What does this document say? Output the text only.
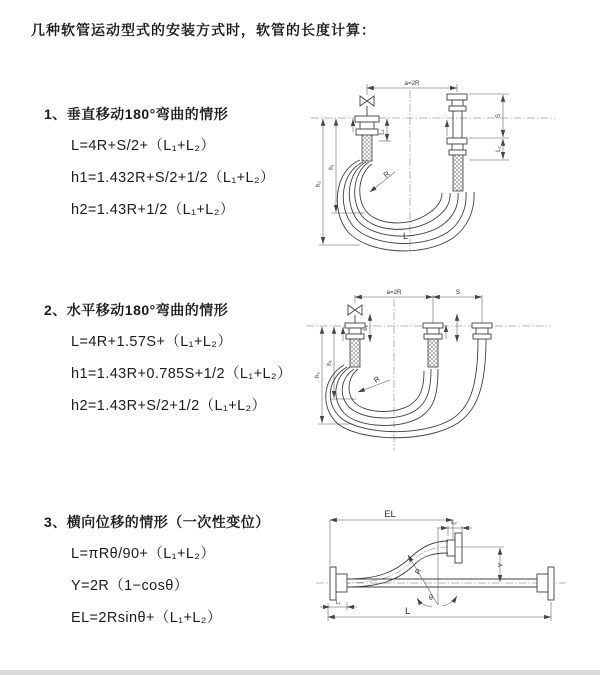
几种软管运动型式的安装方式时，软管的长度计算：
1、垂直移动180°弯曲的情形
L=4R+S/2+（L₁+L₂）
h1=1.432R+S/2+1/2（L₁+L₂）
h2=1.43R+1/2（L₁+L₂）
2、水平移动180°弯曲的情形
L=4R+1.57S+（L₁+L₂）
h1=1.43R+0.785S+1/2（L₁+L₂）
h2=1.43R+S/2+1/2（L₁+L₂）
3、横向位移的情形（一次性变位）
L=πRθ/90+（L₁+L₂）
Y=2R（1−cosθ）
EL=2Rsinθ+（L₁+L₂）
a=2R
L₁
S
L₂
h₂
h₁
R
L
a=2R	S
L₁
h₂
h₁
R
EL
L₂
Y
R
θ
L₁
L
